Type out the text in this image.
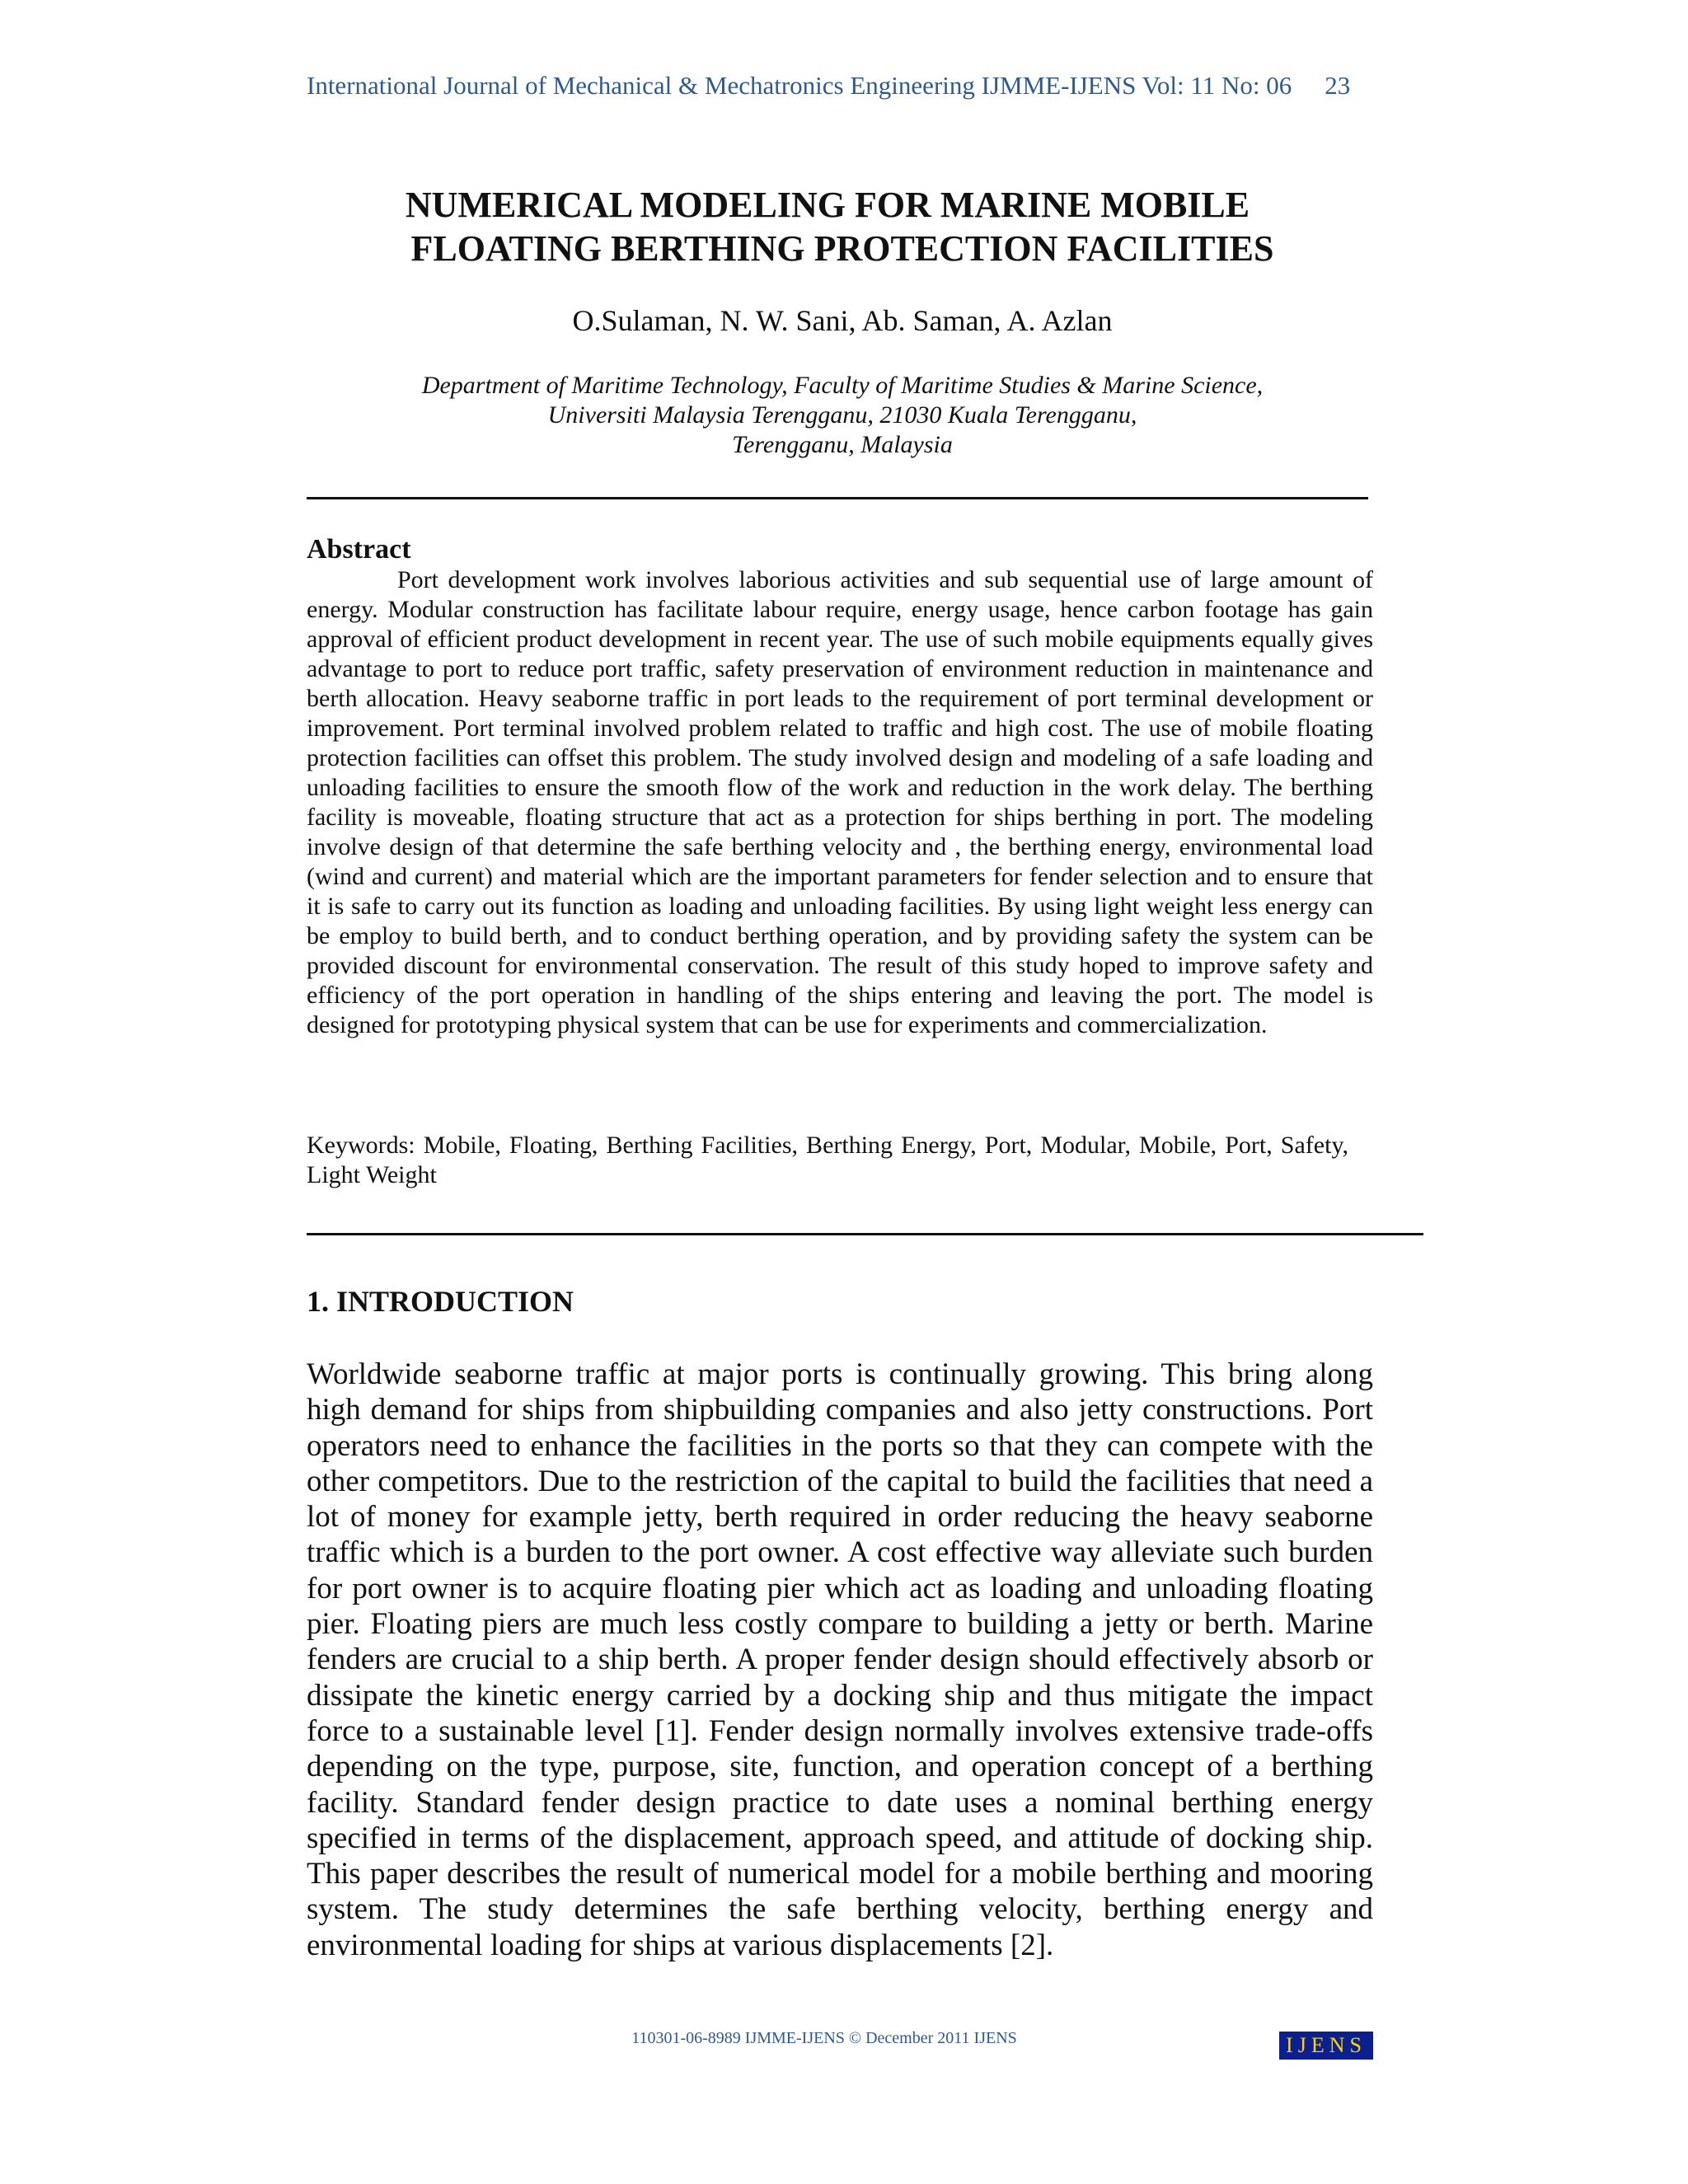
International Journal of Mechanical & Mechatronics Engineering IJMME-IJENS Vol: 11 No: 06 23
NUMERICAL MODELING FOR MARINE MOBILE
FLOATING BERTHING PROTECTION FACILITIES
O.Sulaman, N. W. Sani, Ab. Saman, A. Azlan
Department of Maritime Technology, Faculty of Maritime Studies & Marine Science,
Universiti Malaysia Terengganu, 21030 Kuala Terengganu,
Terengganu, Malaysia
Abstract

Port development work involves laborious activities and sub sequential use of large amount of energy. Modular construction has facilitate labour require, energy usage, hence carbon footage has gain approval of efficient product development in recent year. The use of such mobile equipments equally gives advantage to port to reduce port traffic, safety preservation of environment reduction in maintenance and berth allocation. Heavy seaborne traffic in port leads to the requirement of port terminal development or improvement. Port terminal involved problem related to traffic and high cost. The use of mobile floating protection facilities can offset this problem. The study involved design and modeling of a safe loading and unloading facilities to ensure the smooth flow of the work and reduction in the work delay. The berthing facility is moveable, floating structure that act as a protection for ships berthing in port. The modeling involve design of that determine the safe berthing velocity and , the berthing energy, environmental load (wind and current) and material which are the important parameters for fender selection and to ensure that it is safe to carry out its function as loading and unloading facilities. By using light weight less energy can be employ to build berth, and to conduct berthing operation, and by providing safety the system can be provided discount for environmental conservation. The result of this study hoped to improve safety and efficiency of the port operation in handling of the ships entering and leaving the port. The model is designed for prototyping physical system that can be use for experiments and commercialization.

Keywords: Mobile, Floating, Berthing Facilities, Berthing Energy, Port, Modular, Mobile, Port, Safety, Light Weight

1. INTRODUCTION

Worldwide seaborne traffic at major ports is continually growing. This bring along high demand for ships from shipbuilding companies and also jetty constructions. Port operators need to enhance the facilities in the ports so that they can compete with the other competitors. Due to the restriction of the capital to build the facilities that need a lot of money for example jetty, berth required in order reducing the heavy seaborne traffic which is a burden to the port owner. A cost effective way alleviate such burden for port owner is to acquire floating pier which act as loading and unloading floating pier. Floating piers are much less costly compare to building a jetty or berth. Marine fenders are crucial to a ship berth. A proper fender design should effectively absorb or dissipate the kinetic energy carried by a docking ship and thus mitigate the impact force to a sustainable level [1]. Fender design normally involves extensive trade-offs depending on the type, purpose, site, function, and operation concept of a berthing facility. Standard fender design practice to date uses a nominal berthing energy specified in terms of the displacement, approach speed, and attitude of docking ship. This paper describes the result of numerical model for a mobile berthing and mooring system. The study determines the safe berthing velocity, berthing energy and environmental loading for ships at various displacements [2].

110301-06-8989 IJMME-IJENS © December 2011 IJENS	IJENS
